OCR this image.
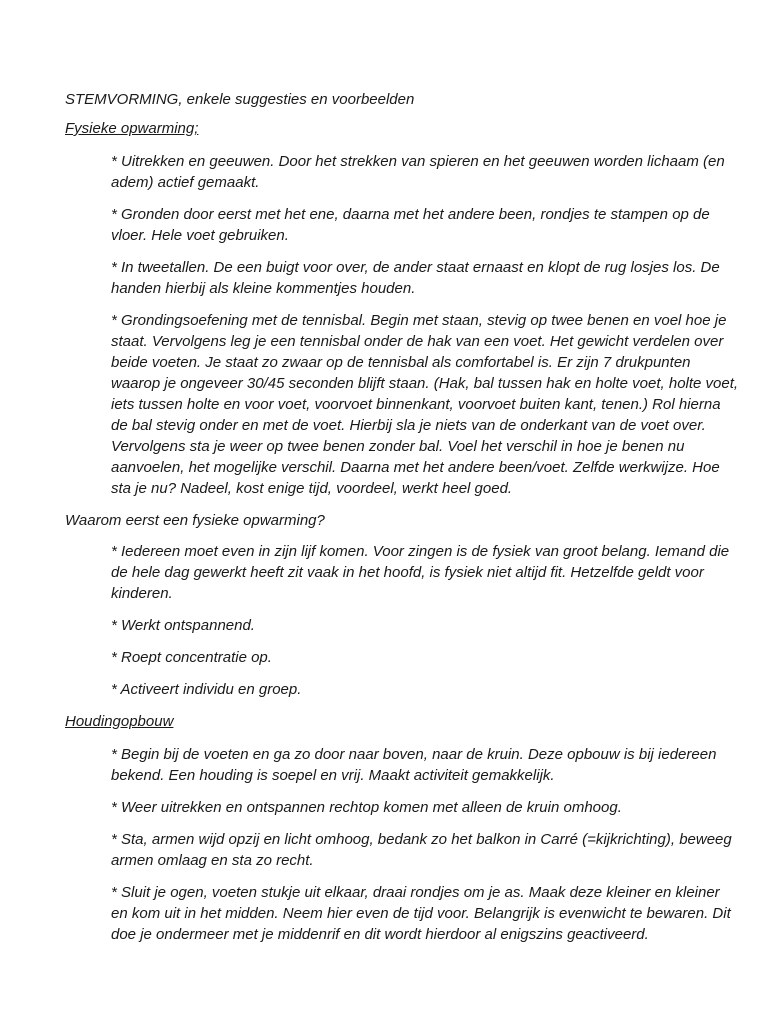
STEMVORMING, enkele suggesties en voorbeelden
Fysieke opwarming;
* Uitrekken en geeuwen. Door het strekken van spieren en het geeuwen worden lichaam (en adem) actief gemaakt.
* Gronden door eerst met het ene, daarna met het andere been, rondjes te stampen op de vloer. Hele voet gebruiken.
* In tweetallen. De een buigt voor over, de ander staat ernaast en klopt de rug losjes los. De handen hierbij als kleine kommentjes houden.
* Grondingsoefening met de tennisbal. Begin met staan, stevig op twee benen en voel hoe je staat. Vervolgens leg je een tennisbal onder de hak van een voet. Het gewicht verdelen over beide voeten. Je staat zo zwaar op de tennisbal als comfortabel is. Er zijn 7 drukpunten waarop je ongeveer 30/45 seconden blijft staan. (Hak, bal tussen hak en holte voet, holte voet, iets tussen holte en voor voet, voorvoet binnenkant, voorvoet buiten kant, tenen.) Rol hierna de bal stevig onder en met de voet. Hierbij sla je niets van de onderkant van de voet over. Vervolgens sta je weer op twee benen zonder bal. Voel het verschil in hoe je benen nu aanvoelen, het mogelijke verschil. Daarna met het andere been/voet. Zelfde werkwijze. Hoe sta je nu? Nadeel, kost enige tijd, voordeel, werkt heel goed.
Waarom eerst een fysieke opwarming?
* Iedereen moet even in zijn lijf komen. Voor zingen is de fysiek van groot belang. Iemand die de hele dag gewerkt heeft zit vaak in het hoofd, is fysiek niet altijd fit. Hetzelfde geldt voor kinderen.
* Werkt ontspannend.
* Roept concentratie op.
* Activeert individu en groep.
Houdingopbouw
* Begin bij de voeten en ga zo door naar boven, naar de kruin. Deze opbouw is bij iedereen bekend. Een houding is soepel en vrij. Maakt activiteit gemakkelijk.
* Weer uitrekken en ontspannen rechtop komen met alleen de kruin omhoog.
* Sta, armen wijd opzij en licht omhoog, bedank zo het balkon in Carré (=kijkrichting), beweeg armen omlaag en sta zo recht.
* Sluit je ogen, voeten stukje uit elkaar, draai rondjes om je as. Maak deze kleiner en kleiner en kom uit in het midden. Neem hier even de tijd voor. Belangrijk is evenwicht te bewaren. Dit doe je ondermeer met je middenrif en dit wordt hierdoor al enigszins geactiveerd.
